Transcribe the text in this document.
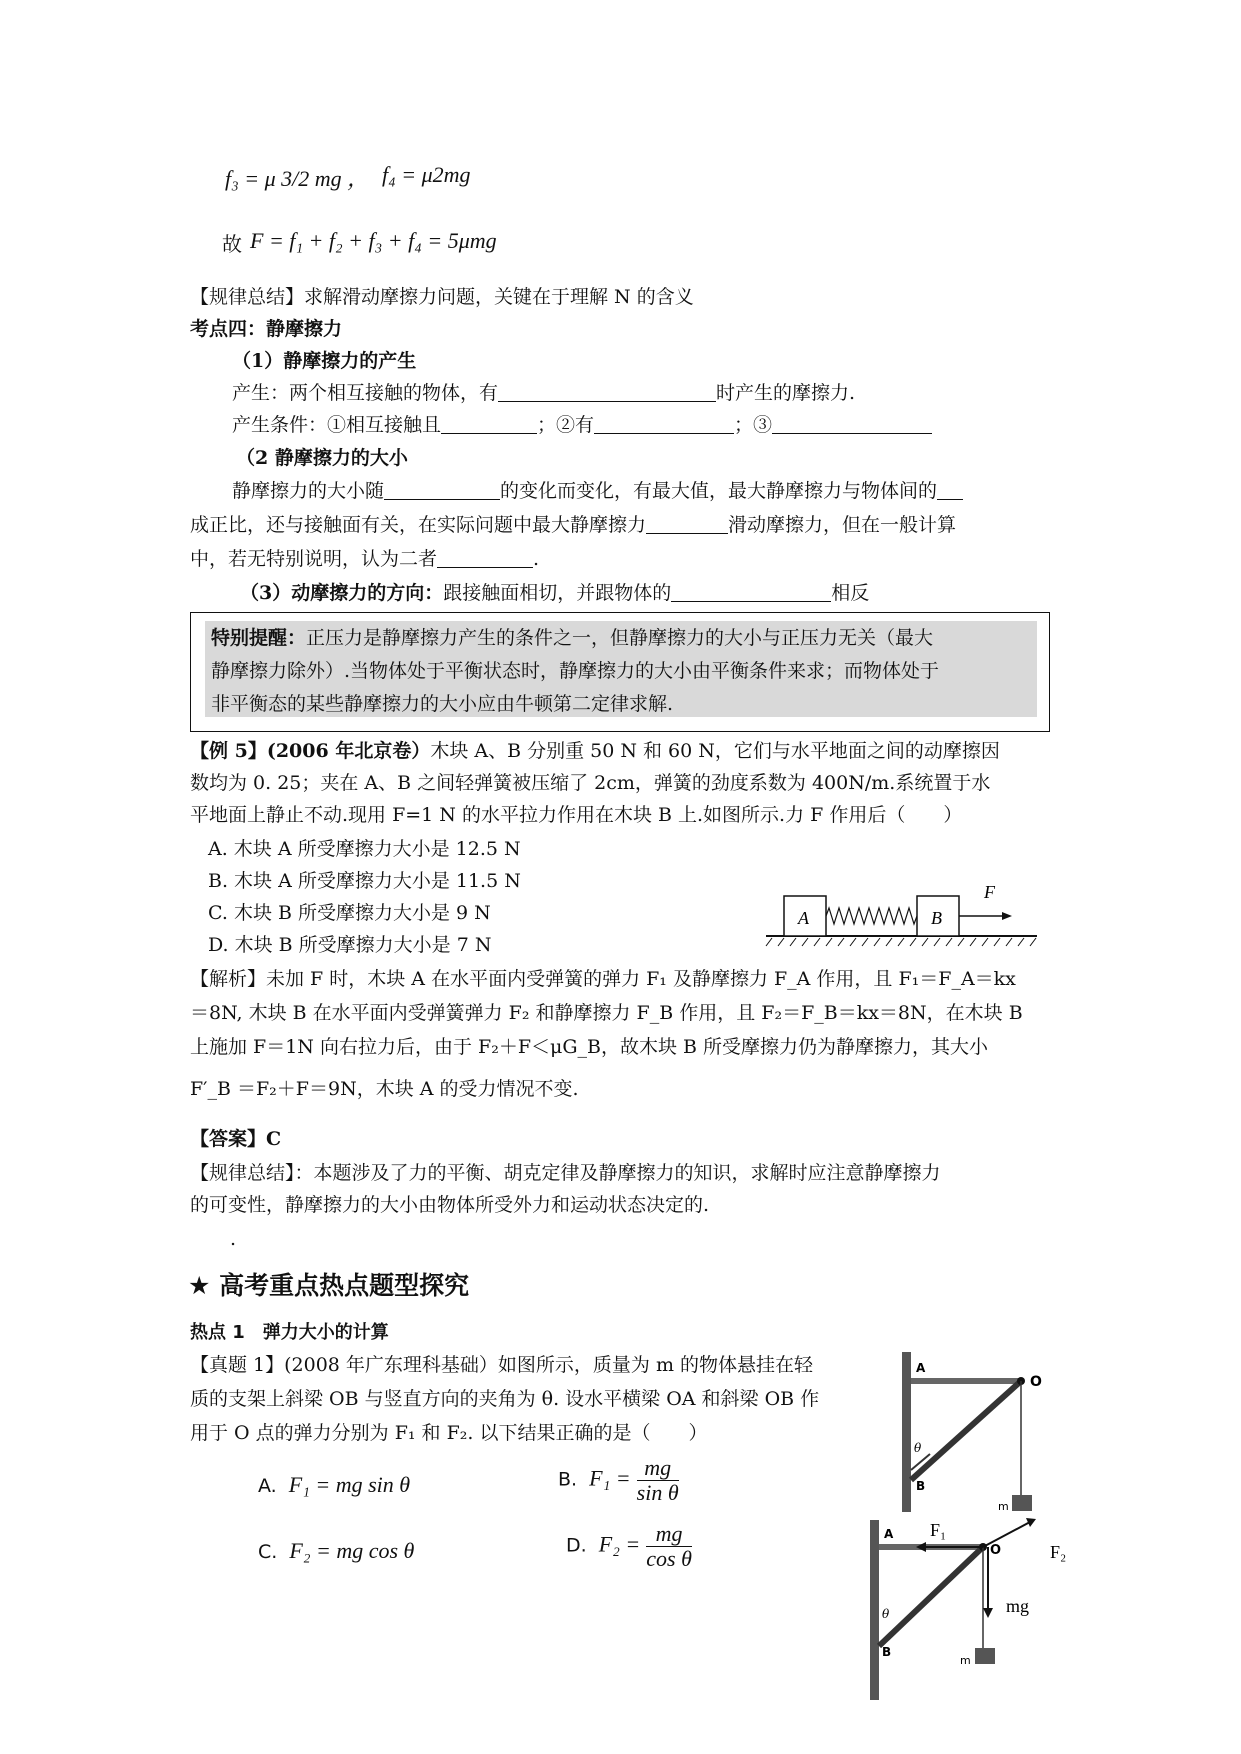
f₃ = μ 3/2 mg ， f₄ = μ2mg
故 F = f₁ + f₂ + f₃ + f₄ = 5μmg
【规律总结】求解滑动摩擦力问题，关键在于理解 N 的含义
考点四：静摩擦力
（1）静摩擦力的产生
产生：两个相互接触的物体，有	时产生的摩擦力.
产生条件：①相互接触且	；②有	；③
（2 静摩擦力的大小
静摩擦力的大小随	的变化而变化，有最大值，最大静摩擦力与物体间的
成正比，还与接触面有关，在实际问题中最大静摩擦力	滑动摩擦力，但在一般计算
中，若无特别说明，认为二者	.
（3）动摩擦力的方向：跟接触面相切，并跟物体的	相反
特别提醒：正压力是静摩擦力产生的条件之一，但静摩擦力的大小与正压力无关（最大
静摩擦力除外）.当物体处于平衡状态时，静摩擦力的大小由平衡条件来求；而物体处于
非平衡态的某些静摩擦力的大小应由牛顿第二定律求解.
【例 5】(2006 年北京卷）木块 A、B 分别重 50 N 和 60 N，它们与水平地面之间的动摩擦因
数均为 0. 25；夹在 A、B 之间轻弹簧被压缩了 2cm，弹簧的劲度系数为 400N/m.系统置于水
平地面上静止不动.现用 F=1 N 的水平拉力作用在木块 B 上.如图所示.力 F 作用后（　　）
A. 木块 A 所受摩擦力大小是 12.5 N
B. 木块 A 所受摩擦力大小是 11.5 N
C. 木块 B 所受摩擦力大小是 9 N
D. 木块 B 所受摩擦力大小是 7 N
A	B
F
【解析】未加 F 时，木块 A 在水平面内受弹簧的弹力 F₁ 及静摩擦力 F_A 作用，且 F₁＝F_A＝kx
＝8N, 木块 B 在水平面内受弹簧弹力 F₂ 和静摩擦力 F_B 作用，且 F₂＝F_B＝kx＝8N，在木块 B
上施加 F＝1N 向右拉力后，由于 F₂＋F＜μG_B，故木块 B 所受摩擦力仍为静摩擦力，其大小
F′_B ＝F₂＋F＝9N，木块 A 的受力情况不变.
【答案】C
【规律总结】：本题涉及了力的平衡、胡克定律及静摩擦力的知识，求解时应注意静摩擦力
的可变性，静摩擦力的大小由物体所受外力和运动状态决定的.
.
★ 高考重点热点题型探究
热点 1　弹力大小的计算
【真题 1】(2008 年广东理科基础）如图所示，质量为 m 的物体悬挂在轻
质的支架上斜梁 OB 与竖直方向的夹角为 θ. 设水平横梁 OA 和斜梁 OB 作
用于 O 点的弹力分别为 F₁ 和 F₂. 以下结果正确的是（　　）
A. F₁ = mg sin θ	B. $F_1 = \frac{mg}{\text{sin θ}}$
C. F₂ = mg cos θ	D. $F_2 = \frac{mg}{\text{cos θ}}$
A
O
θ
B
m
A
O
θ
B
m
F₁
F₂
mg
